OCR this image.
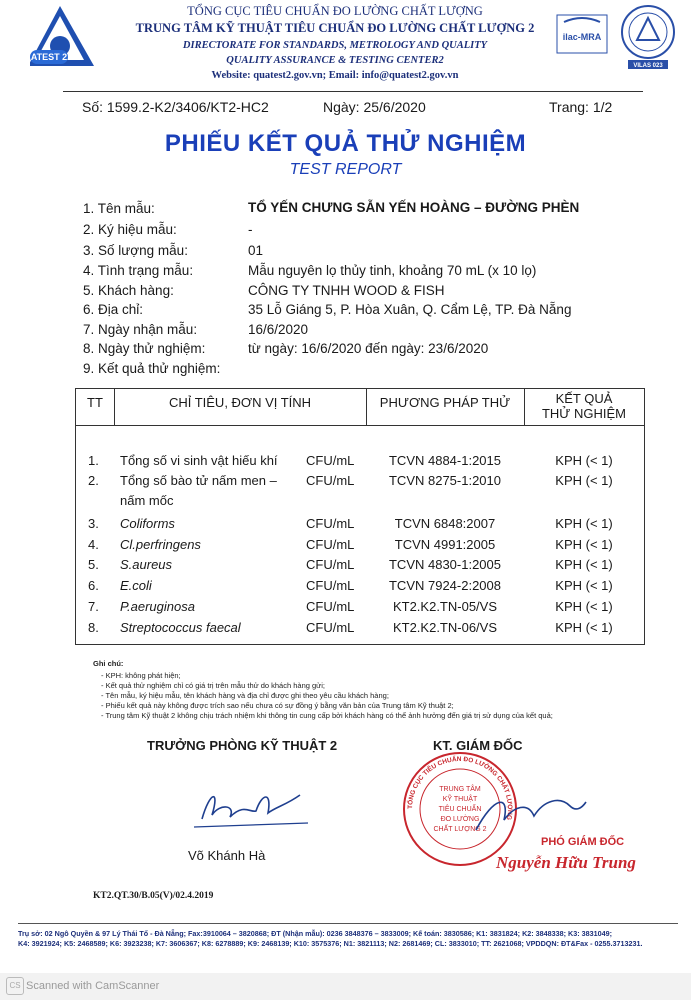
ATEST 2
TỔNG CỤC TIÊU CHUẨN ĐO LƯỜNG CHẤT LƯỢNG
TRUNG TÂM KỸ THUẬT TIÊU CHUẨN ĐO LƯỜNG CHẤT LƯỢNG 2
DIRECTORATE FOR STANDARDS, METROLOGY AND QUALITY
QUALITY ASSURANCE & TESTING CENTER2
Website: quatest2.gov.vn; Email: info@quatest2.gov.vn
ilac-MRA
VILAS 023
Số: 1599.2-K2/3406/KT2-HC2	Ngày: 25/6/2020	Trang: 1/2
PHIẾU KẾT QUẢ THỬ NGHIỆM
TEST REPORT
1. Tên mẫu:	TỔ YẾN CHƯNG SẴN YẾN HOÀNG – ĐƯỜNG PHÈN
2. Ký hiệu mẫu:	-
3. Số lượng mẫu:	01
4. Tình trạng mẫu:	Mẫu nguyên lọ thủy tinh, khoảng 70 mL (x 10 lọ)
5. Khách hàng:	CÔNG TY TNHH WOOD & FISH
6. Địa chỉ:	35 Lỗ Giáng 5, P. Hòa Xuân, Q. Cẩm Lệ, TP. Đà Nẵng
7. Ngày nhận mẫu:	16/6/2020
8. Ngày thử nghiệm:	từ ngày: 16/6/2020 đến ngày: 23/6/2020
9. Kết quả thử nghiệm:
TT	CHỈ TIÊU, ĐƠN VỊ TÍNH	PHƯƠNG PHÁP THỬ	KẾT QUẢ
THỬ NGHIỆM
1. Tổng số vi sinh vật hiếu khí CFU/mL	TCVN 4884-1:2015	KPH (< 1)
2. Tổng số bào tử nấm men –
nấm mốc
CFU/mL	TCVN 8275-1:2010	KPH (< 1)
3. Coliforms	CFU/mL	TCVN 6848:2007	KPH (< 1)
4. Cl.perfringens	CFU/mL	TCVN 4991:2005	KPH (< 1)
5. S.aureus	CFU/mL	TCVN 4830-1:2005	KPH (< 1)
6. E.coli	CFU/mL	TCVN 7924-2:2008	KPH (< 1)
7. P.aeruginosa	CFU/mL	KT2.K2.TN-05/VS	KPH (< 1)
8. Streptococcus faecal	CFU/mL	KT2.K2.TN-06/VS	KPH (< 1)
Ghi chú:
- KPH: không phát hiện;
- Kết quả thử nghiệm chỉ có giá trị trên mẫu thử do khách hàng gửi;
- Tên mẫu, ký hiệu mẫu, tên khách hàng và địa chỉ được ghi theo yêu cầu khách hàng;
- Phiếu kết quả này không được trích sao nếu chưa có sự đồng ý bằng văn bản của Trung tâm Kỹ thuật 2;
- Trung tâm Kỹ thuật 2 không chịu trách nhiệm khi thông tin cung cấp bởi khách hàng có thể ảnh hưởng đến giá trị sử dụng của kết quả;
TRƯỞNG PHÒNG KỸ THUẬT 2
Võ Khánh Hà
KT. GIÁM ĐỐC
TỔNG CỤC TIÊU CHUẨN ĐO LƯỜNG CHẤT LƯỢNG
TRUNG TÂM
KỸ THUẬT
TIÊU CHUẨN
ĐO LƯỜNG
CHẤT LƯỢNG 2
PHÓ GIÁM ĐỐC
Nguyễn Hữu Trung
KT2.QT.30/B.05(V)/02.4.2019
Trụ sở: 02 Ngô Quyền & 97 Lý Thái Tổ - Đà Nẵng; Fax:3910064 – 3820868; ĐT (Nhận mẫu): 0236 3848376 – 3833009; Kế toán: 3830586; K1: 3831824; K2: 3848338; K3: 3831049;
K4: 3921924; K5: 2468589; K6: 3923238; K7: 3606367; K8: 6278889; K9: 2468139; K10: 3575376; N1: 3821113; N2: 2681469; CL: 3833010; TT: 2621068; VPDDQN: ĐT&Fax - 0255.3713231.
CS Scanned with CamScanner
